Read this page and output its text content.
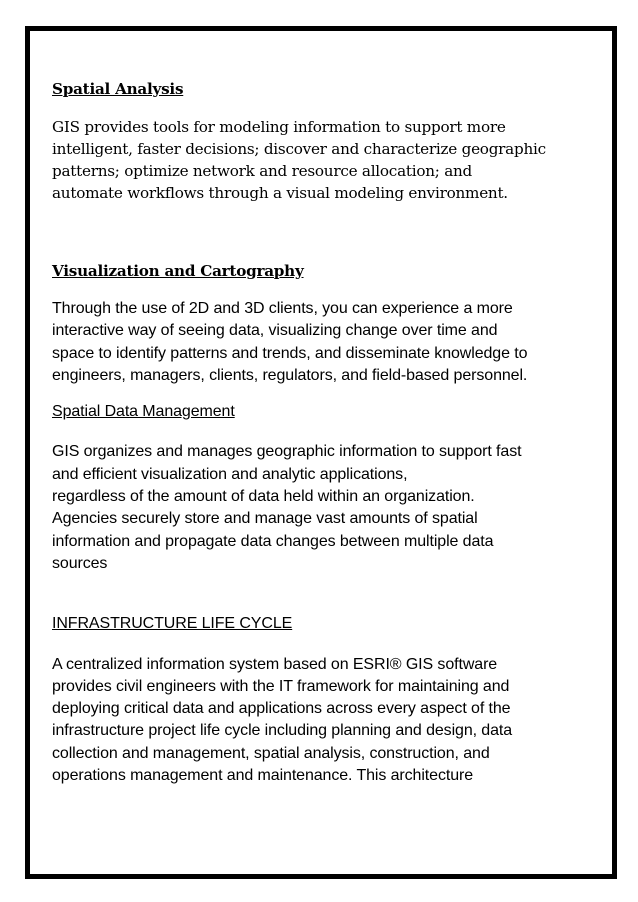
Spatial Analysis

GIS provides tools for modeling information to support more
intelligent, faster decisions; discover and characterize geographic
patterns; optimize network and resource allocation; and
automate workflows through a visual modeling environment.

Visualization and Cartography

Through the use of 2D and 3D clients, you can experience a more
interactive way of seeing data, visualizing change over time and
space to identify patterns and trends, and disseminate knowledge to
engineers, managers, clients, regulators, and field-based personnel.

Spatial Data Management

GIS organizes and manages geographic information to support fast
and efficient visualization and analytic applications,
regardless of the amount of data held within an organization.
Agencies securely store and manage vast amounts of spatial
information and propagate data changes between multiple data
sources

INFRASTRUCTURE LIFE CYCLE

A centralized information system based on ESRI® GIS software
provides civil engineers with the IT framework for maintaining and
deploying critical data and applications across every aspect of the
infrastructure project life cycle including planning and design, data
collection and management, spatial analysis, construction, and
operations management and maintenance. This architecture
